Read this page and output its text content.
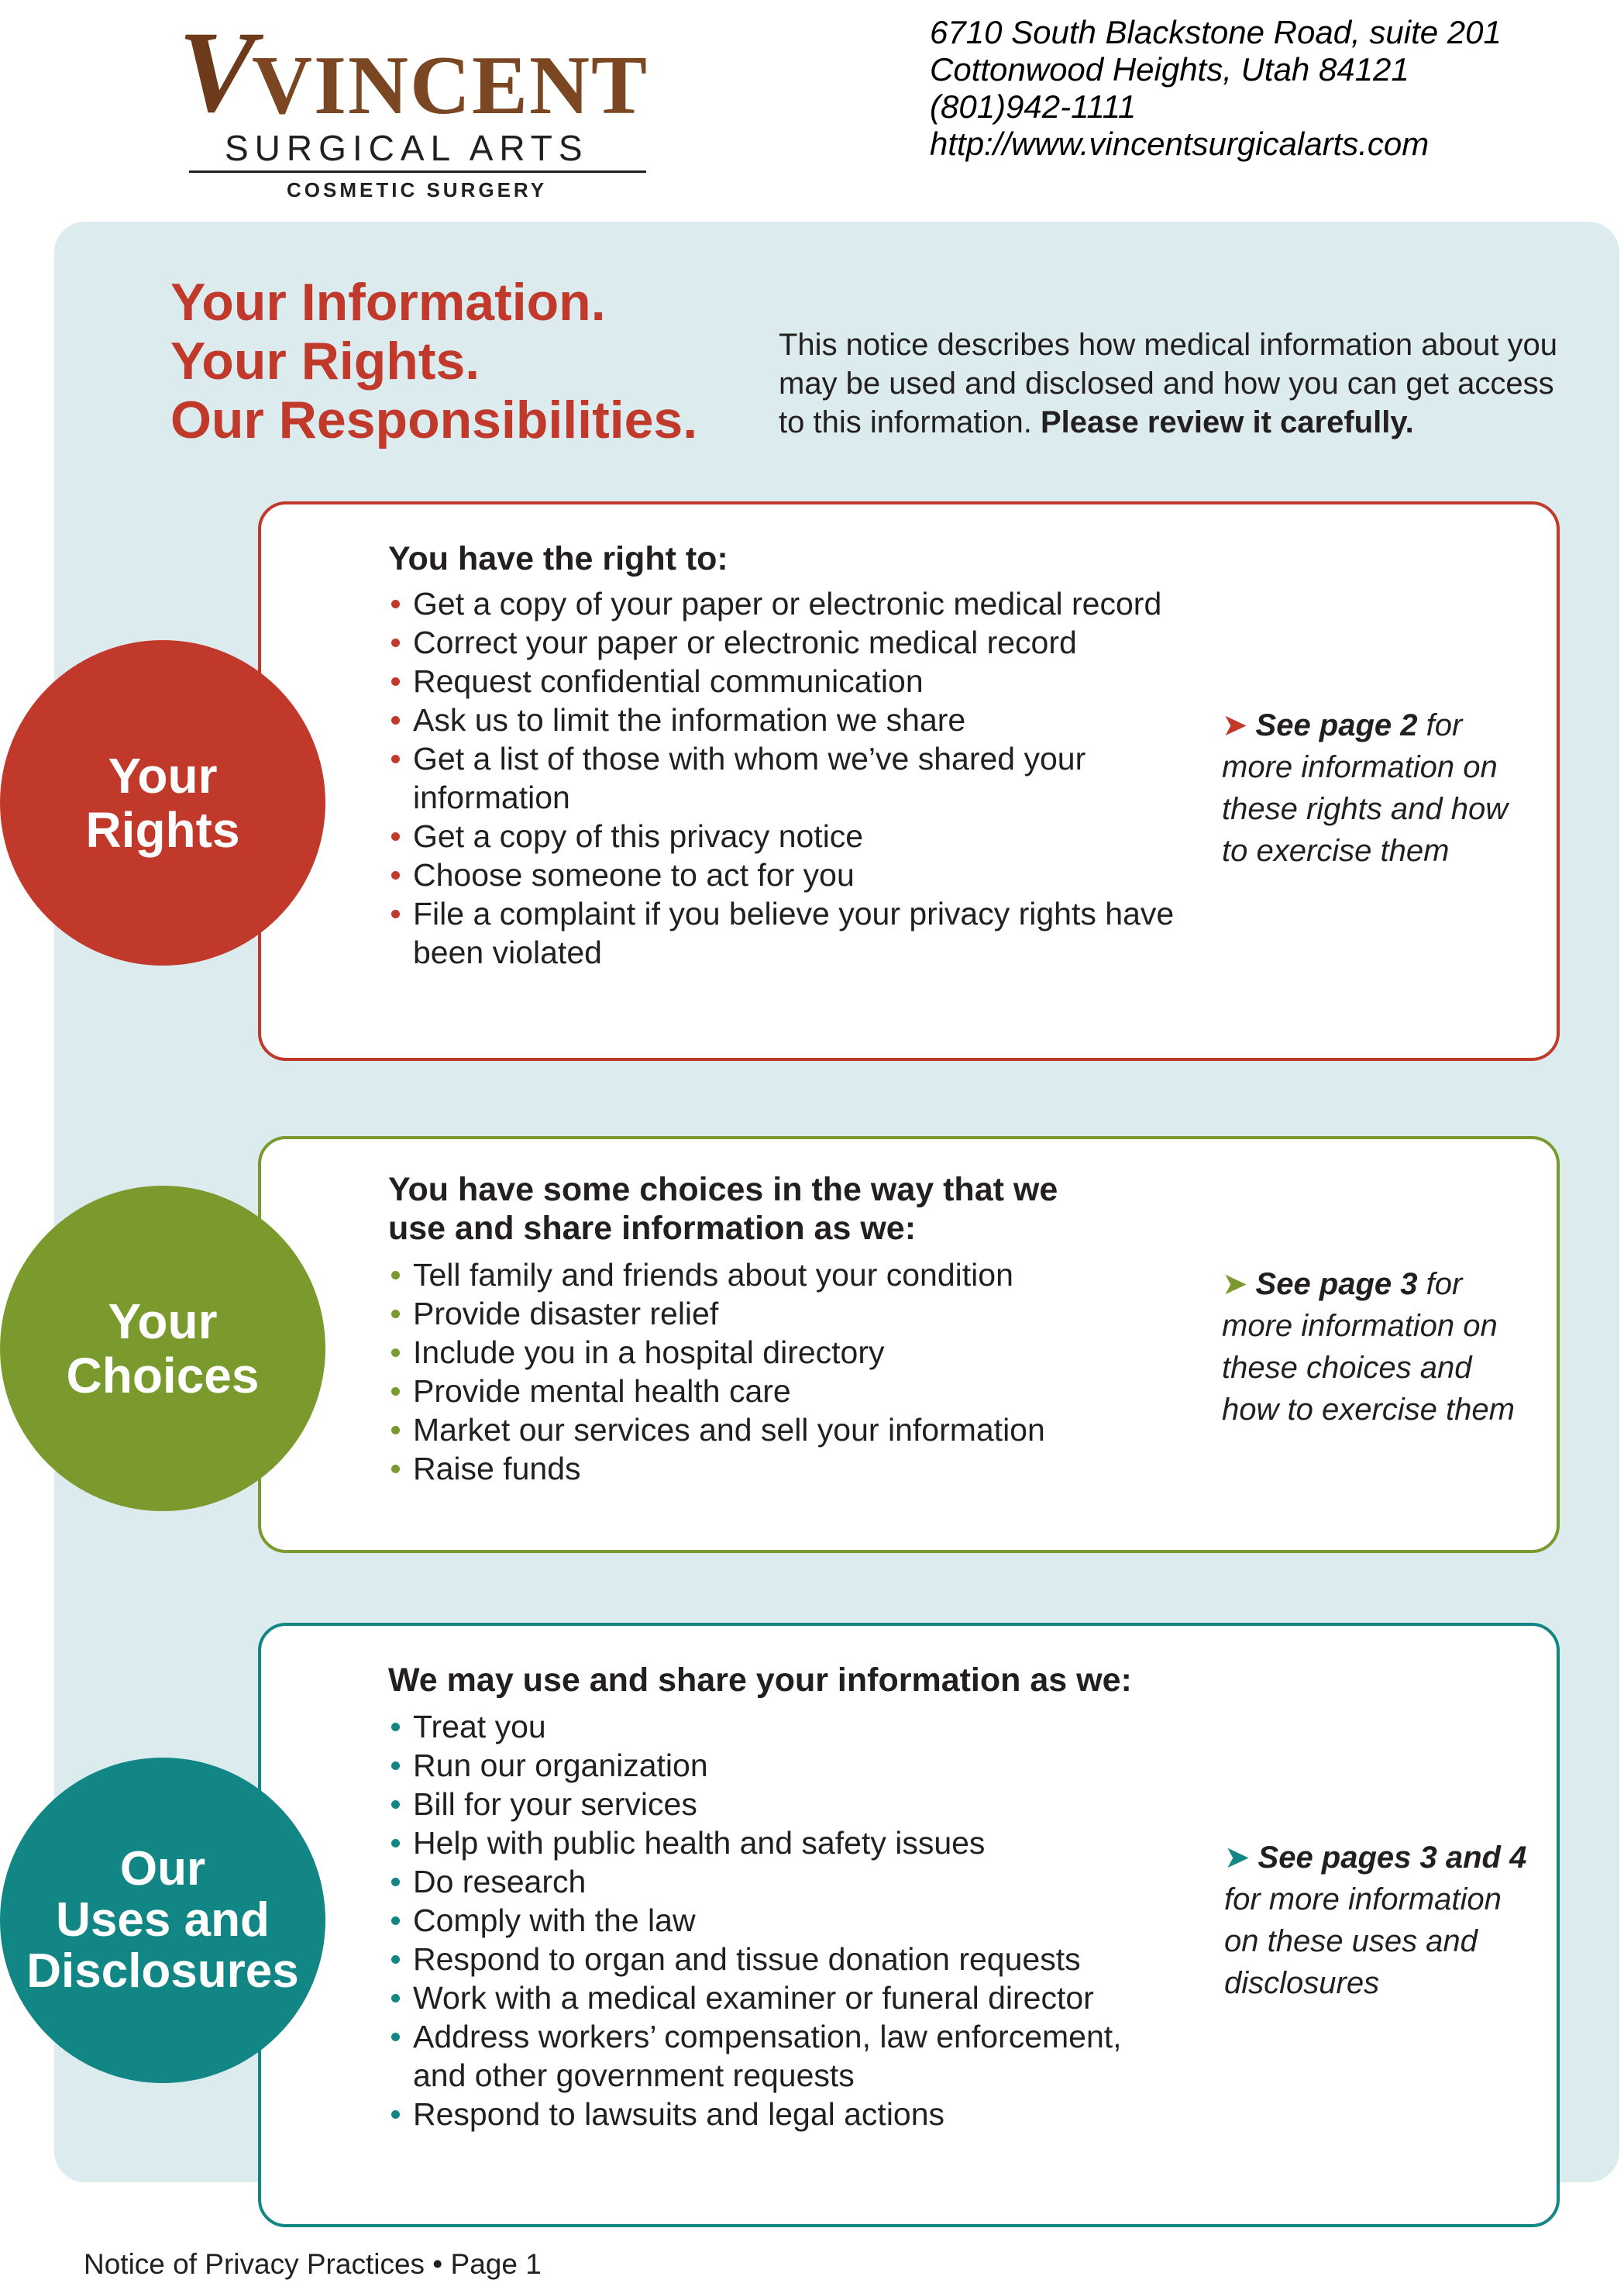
V
VINCENT
SURGICAL ARTS
COSMETIC SURGERY
6710 South Blackstone Road, suite 201
Cottonwood Heights, Utah 84121
(801)942-1111
http://www.vincentsurgicalarts.com
Your Information.
Your Rights.
Our Responsibilities.
This notice describes how medical information about you may be used and disclosed and how you can get access to this information. Please review it carefully.
You have the right to:
Get a copy of your paper or electronic medical record
Correct your paper or electronic medical record
Request confidential communication
Ask us to limit the information we share
Get a list of those with whom we’ve shared your information
Get a copy of this privacy notice
Choose someone to act for you
File a complaint if you believe your privacy rights have been violated
➤ See page 2 for more information on these rights and how to exercise them
Your
Rights
You have some choices in the way that we use and share information as we:
Tell family and friends about your condition
Provide disaster relief
Include you in a hospital directory
Provide mental health care
Market our services and sell your information
Raise funds
➤ See page 3 for more information on these choices and how to exercise them
Your
Choices
We may use and share your information as we:
Treat you
Run our organization
Bill for your services
Help with public health and safety issues
Do research
Comply with the law
Respond to organ and tissue donation requests
Work with a medical examiner or funeral director
Address workers’ compensation, law enforcement, and other government requests
Respond to lawsuits and legal actions
➤ See pages 3 and 4 for more information on these uses and disclosures
Our
Uses and
Disclosures
Notice of Privacy Practices • Page 1
